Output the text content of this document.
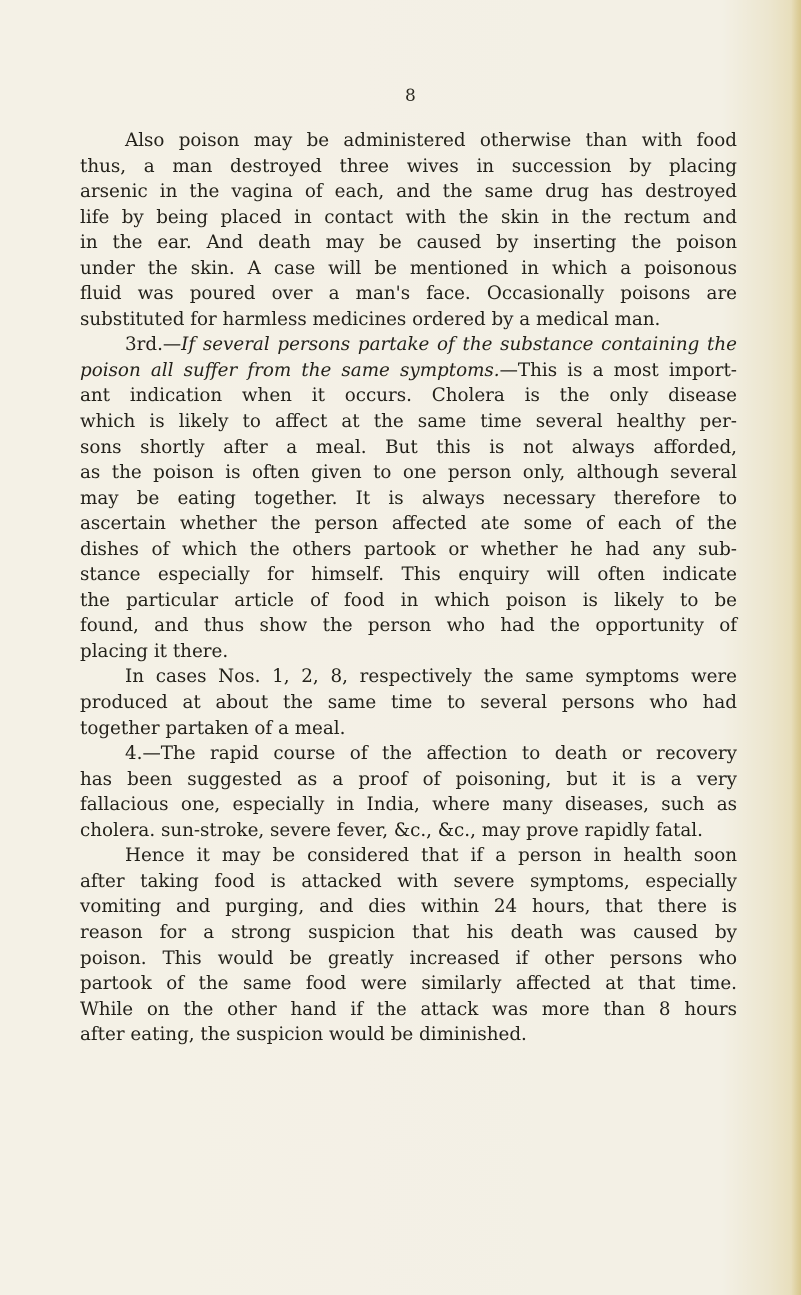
8
Also poison may be administered otherwise than with food
thus, a man destroyed three wives in succession by placing
arsenic in the vagina of each, and the same drug has destroyed
life by being placed in contact with the skin in the rectum and
in the ear. And death may be caused by inserting the poison
under the skin. A case will be mentioned in which a poisonous
fluid was poured over a man's face. Occasionally poisons are
substituted for harmless medicines ordered by a medical man.
3rd.—If several persons partake of the substance containing the
poison all suffer from the same symptoms.—This is a most import-
ant indication when it occurs. Cholera is the only disease
which is likely to affect at the same time several healthy per-
sons shortly after a meal. But this is not always afforded,
as the poison is often given to one person only, although several
may be eating together. It is always necessary therefore to
ascertain whether the person affected ate some of each of the
dishes of which the others partook or whether he had any sub-
stance especially for himself. This enquiry will often indicate
the particular article of food in which poison is likely to be
found, and thus show the person who had the opportunity of
placing it there.
In cases Nos. 1, 2, 8, respectively the same symptoms were
produced at about the same time to several persons who had
together partaken of a meal.
4.—The rapid course of the affection to death or recovery
has been suggested as a proof of poisoning, but it is a very
fallacious one, especially in India, where many diseases, such as
cholera. sun-stroke, severe fever, &c., &c., may prove rapidly fatal.
Hence it may be considered that if a person in health soon
after taking food is attacked with severe symptoms, especially
vomiting and purging, and dies within 24 hours, that there is
reason for a strong suspicion that his death was caused by
poison. This would be greatly increased if other persons who
partook of the same food were similarly affected at that time.
While on the other hand if the attack was more than 8 hours
after eating, the suspicion would be diminished.
